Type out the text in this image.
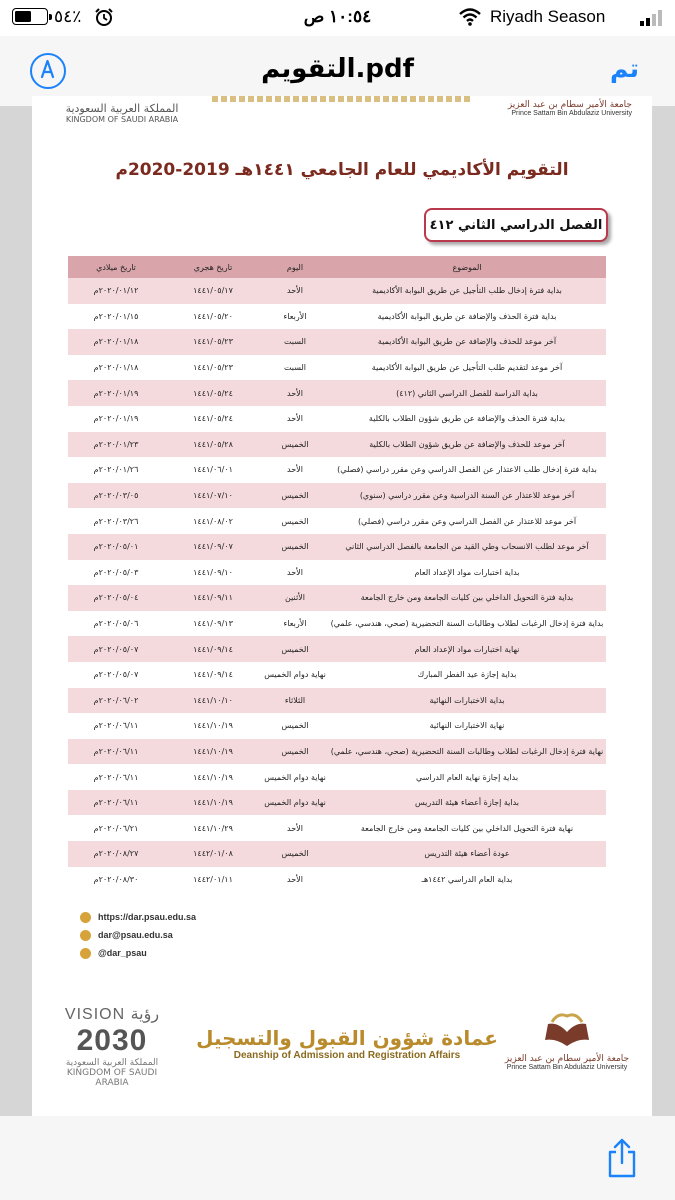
٥٤٪	١٠:٥٤ ص	Riyadh Season
التقويم.pdf	تم
المملكة العربية السعودية
KINGDOM OF SAUDI ARABIA
جامعة الأمير سطام بن عبد العزيز
Prince Sattam Bin Abdulaziz University
التقويم الأكاديمي للعام الجامعي ١٤٤١هـ 2019-2020م
الفصل الدراسي الثاني ٤١٢
الموضوع	اليوم	تاريخ هجري	تاريخ ميلادي
بداية فترة إدخال طلب التأجيل عن طريق البوابة الأكاديمية	الأحد	١٤٤١/٠٥/١٧	٢٠٢٠/٠١/١٢م
بداية فترة الحذف والإضافة عن طريق البوابة الأكاديمية	الأربعاء	١٤٤١/٠٥/٢٠	٢٠٢٠/٠١/١٥م
آخر موعد للحذف والإضافة عن طريق البوابة الأكاديمية	السبت	١٤٤١/٠٥/٢٣	٢٠٢٠/٠١/١٨م
آخر موعد لتقديم طلب التأجيل عن طريق البوابة الأكاديمية	السبت	١٤٤١/٠٥/٢٣	٢٠٢٠/٠١/١٨م
بداية الدراسة للفصل الدراسي الثاني (٤١٢)	الأحد	١٤٤١/٠٥/٢٤	٢٠٢٠/٠١/١٩م
بداية فترة الحذف والإضافة عن طريق شؤون الطلاب بالكلية	الأحد	١٤٤١/٠٥/٢٤	٢٠٢٠/٠١/١٩م
آخر موعد للحذف والإضافة عن طريق شؤون الطلاب بالكلية	الخميس	١٤٤١/٠٥/٢٨	٢٠٢٠/٠١/٢٣م
بداية فترة إدخال طلب الاعتذار عن الفصل الدراسي وعن مقرر دراسي (فصلي)	الأحد	١٤٤١/٠٦/٠١	٢٠٢٠/٠١/٢٦م
آخر موعد للاعتذار عن السنة الدراسية وعن مقرر دراسي (سنوي)	الخميس	١٤٤١/٠٧/١٠	٢٠٢٠/٠٣/٠٥م
آخر موعد للاعتذار عن الفصل الدراسي وعن مقرر دراسي (فصلي)	الخميس	١٤٤١/٠٨/٠٢	٢٠٢٠/٠٣/٢٦م
آخر موعد لطلب الانسحاب وطي القيد من الجامعة بالفصل الدراسي الثاني	الخميس	١٤٤١/٠٩/٠٧	٢٠٢٠/٠٥/٠١م
بداية اختبارات مواد الإعداد العام	الأحد	١٤٤١/٠٩/١٠	٢٠٢٠/٠٥/٠٣م
بداية فترة التحويل الداخلي بين كليات الجامعة ومن خارج الجامعة	الأثنين	١٤٤١/٠٩/١١	٢٠٢٠/٠٥/٠٤م
بداية فترة إدخال الرغبات لطلاب وطالبات السنة التحضيرية (صحي، هندسي، علمي)	الأربعاء	١٤٤١/٠٩/١٣	٢٠٢٠/٠٥/٠٦م
نهاية اختبارات مواد الإعداد العام	الخميس	١٤٤١/٠٩/١٤	٢٠٢٠/٠٥/٠٧م
بداية إجازة عيد الفطر المبارك	نهاية دوام الخميس	١٤٤١/٠٩/١٤	٢٠٢٠/٠٥/٠٧م
بداية الاختبارات النهائية	الثلاثاء	١٤٤١/١٠/١٠	٢٠٢٠/٠٦/٠٢م
نهاية الاختبارات النهائية	الخميس	١٤٤١/١٠/١٩	٢٠٢٠/٠٦/١١م
نهاية فترة إدخال الرغبات لطلاب وطالبات السنة التحضيرية (صحي، هندسي، علمي)	الخميس	١٤٤١/١٠/١٩	٢٠٢٠/٠٦/١١م
بداية إجازة نهاية العام الدراسي	نهاية دوام الخميس	١٤٤١/١٠/١٩	٢٠٢٠/٠٦/١١م
بداية إجازة أعضاء هيئة التدريس	نهاية دوام الخميس	١٤٤١/١٠/١٩	٢٠٢٠/٠٦/١١م
نهاية فترة التحويل الداخلي بين كليات الجامعة ومن خارج الجامعة	الأحد	١٤٤١/١٠/٢٩	٢٠٢٠/٠٦/٢١م
عودة أعضاء هيئة التدريس	الخميس	١٤٤٢/٠١/٠٨	٢٠٢٠/٠٨/٢٧م
بداية العام الدراسي ١٤٤٢هـ	الأحد	١٤٤٢/٠١/١١	٢٠٢٠/٠٨/٣٠م
https://dar.psau.edu.sa
dar@psau.edu.sa
@dar_psau
VISION رؤية
2030
المملكة العربية السعودية
KINGDOM OF SAUDI ARABIA
عمادة شؤون القبول والتسجيل
Deanship of Admission and Registration Affairs	جامعة الأمير سطام بن عبد العزيز
Prince Sattam Bin Abdulaziz University
